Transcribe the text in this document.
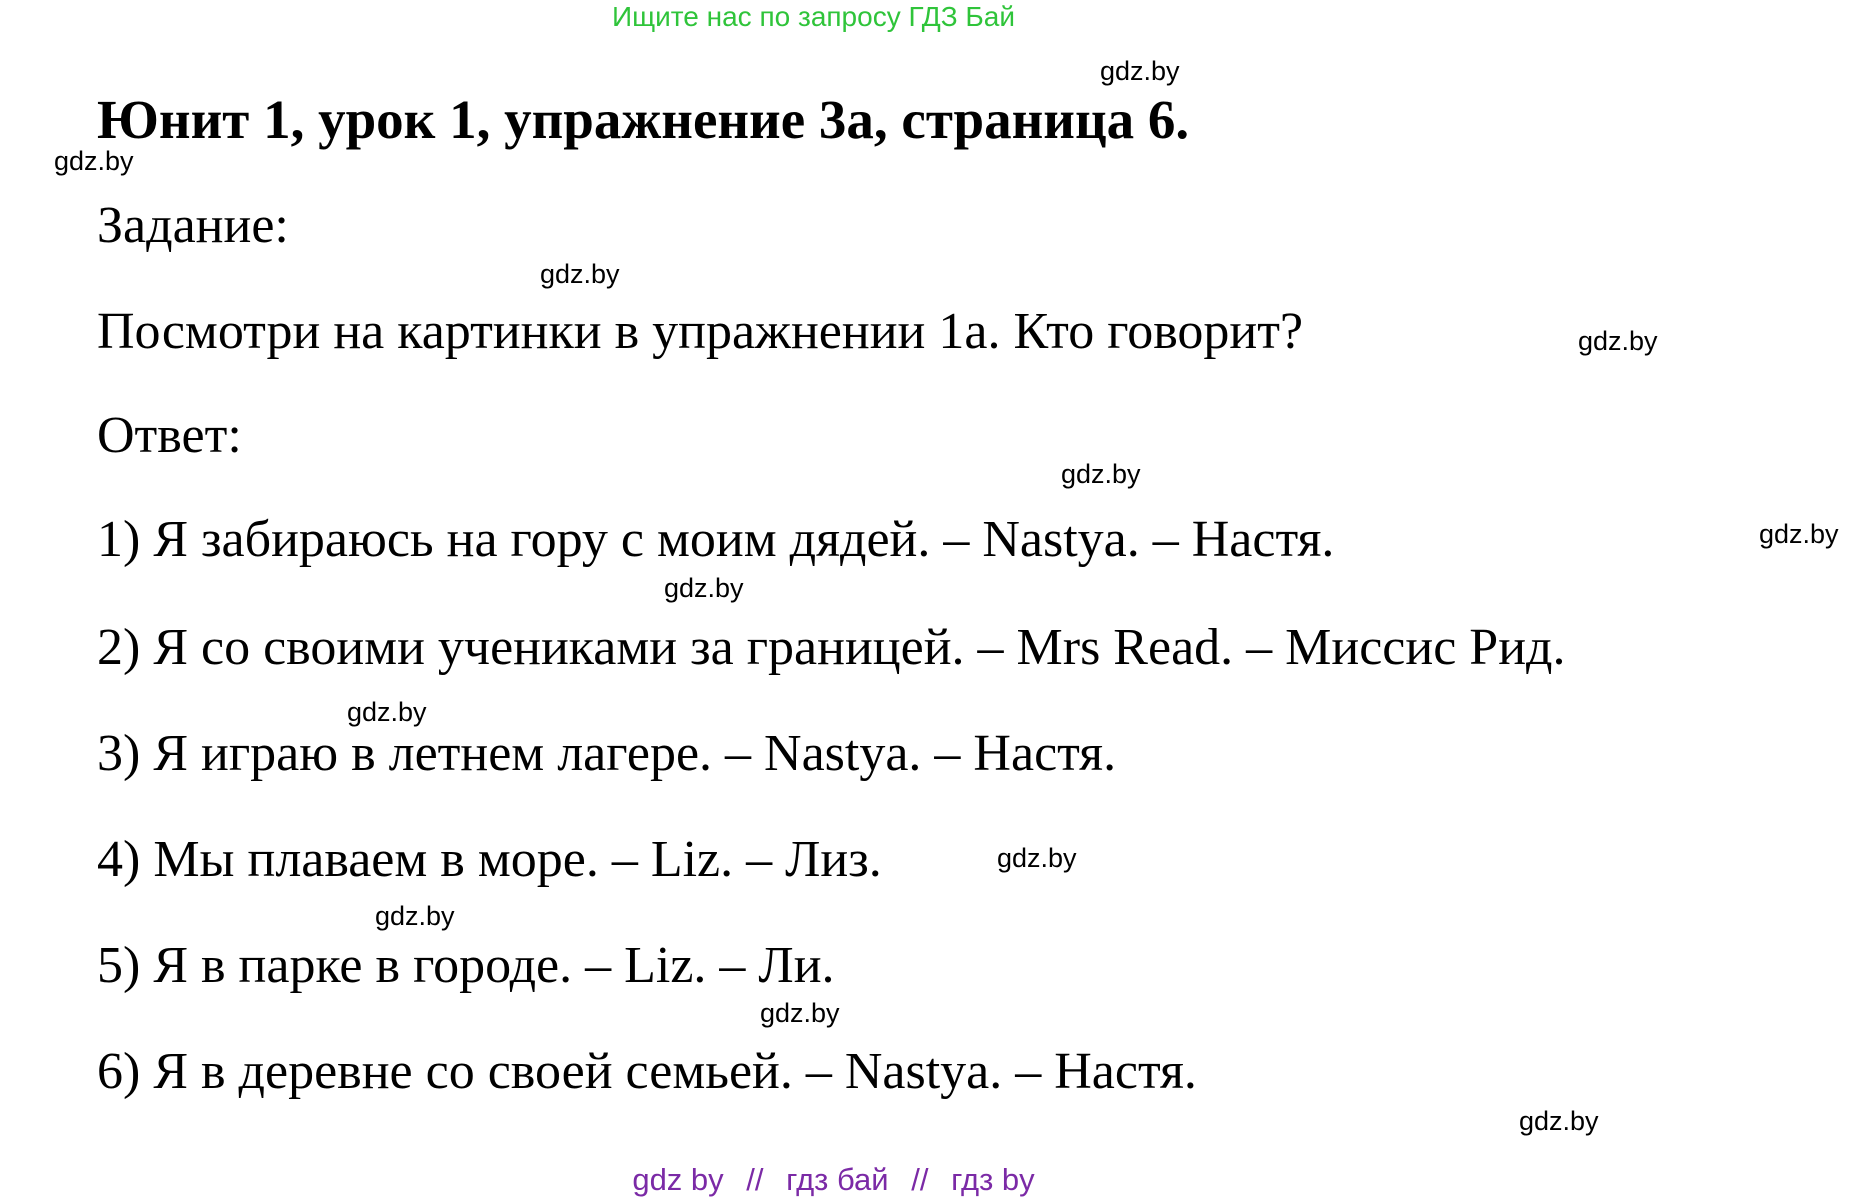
Ищите нас по запросу ГДЗ Бай
Юнит 1, урок 1, упражнение 3а, страница 6.
Задание:
Посмотри на картинки в упражнении 1а. Кто говорит?
Ответ:
1) Я забираюсь на гору с моим дядей. – Nastya. – Настя.
2) Я со своими учениками за границей. – Mrs Read. – Миссис Рид.
3) Я играю в летнем лагере. – Nastya. – Настя.
4) Мы плаваем в море. – Liz. – Лиз.
5) Я в парке в городе. – Liz. – Ли.
6) Я в деревне со своей семьей. – Nastya. – Настя.
gdz.by
gdz.by
gdz.by
gdz.by
gdz.by
gdz.by
gdz.by
gdz.by
gdz.by
gdz.by
gdz.by
gdz.by
gdz by // гдз бай // гдз by
